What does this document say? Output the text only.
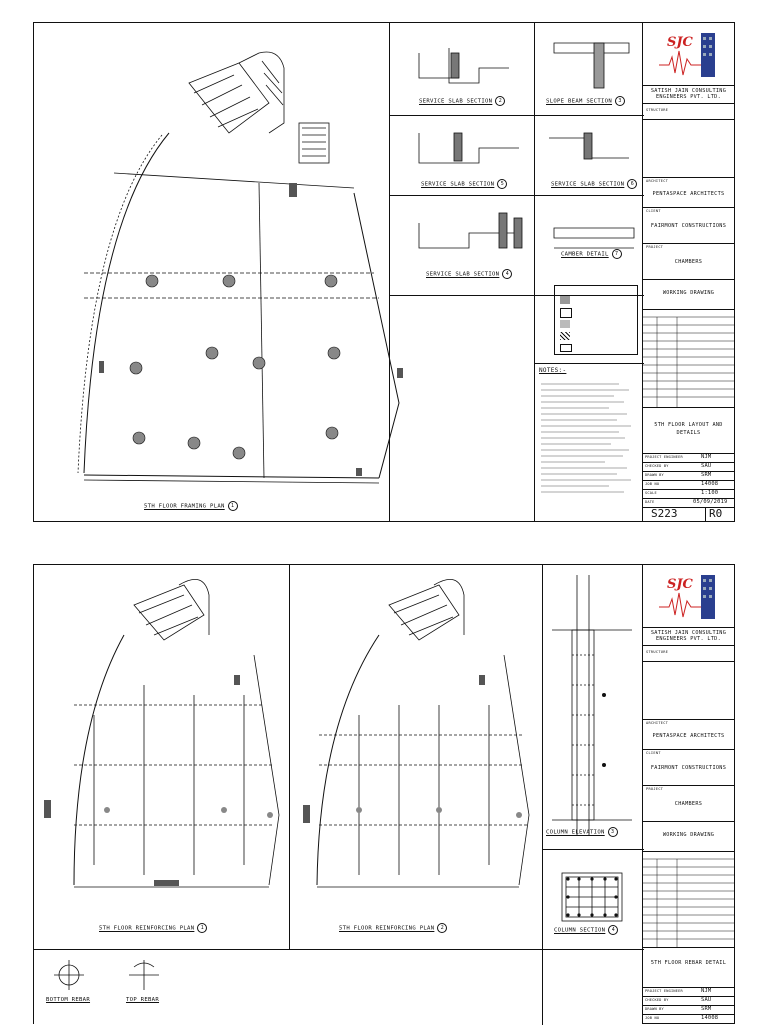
5TH FLOOR FRAMING PLAN 1
SERVICE SLAB SECTION 2	SLOPE BEAM SECTION 3
SERVICE SLAB SECTION 5	SERVICE SLAB SECTION 6
SERVICE SLAB SECTION 4
CAMBER DETAIL 7
NOTES:-
SJC
SATISH JAIN CONSULTING ENGINEERS PVT. LTD.
STRUCTURE
ARCHITECT
PENTASPACE ARCHITECTS
CLIENT
FAIRMONT CONSTRUCTIONS
PROJECT
CHAMBERS
WORKING DRAWING
5TH FLOOR LAYOUT AND DETAILS
PROJECT ENGINEER	NJM
CHECKED BY	SAU
DRAWN BY	SRM
JOB NO	14008
SCALE	1:100
DATE	05/09/2019
S223	R0
5TH FLOOR REINFORCING PLAN 1	5TH FLOOR REINFORCING PLAN 2
COLUMN ELEVATION 3
COLUMN SECTION 4
BOTTOM REBAR	TOP REBAR
SJC
SATISH JAIN CONSULTING ENGINEERS PVT. LTD.
STRUCTURE
ARCHITECT
PENTASPACE ARCHITECTS
CLIENT
FAIRMONT CONSTRUCTIONS
PROJECT
CHAMBERS
WORKING DRAWING
5TH FLOOR REBAR DETAIL
PROJECT ENGINEER	NJM
CHECKED BY	SAU
DRAWN BY	SRM
JOB NO	14008
